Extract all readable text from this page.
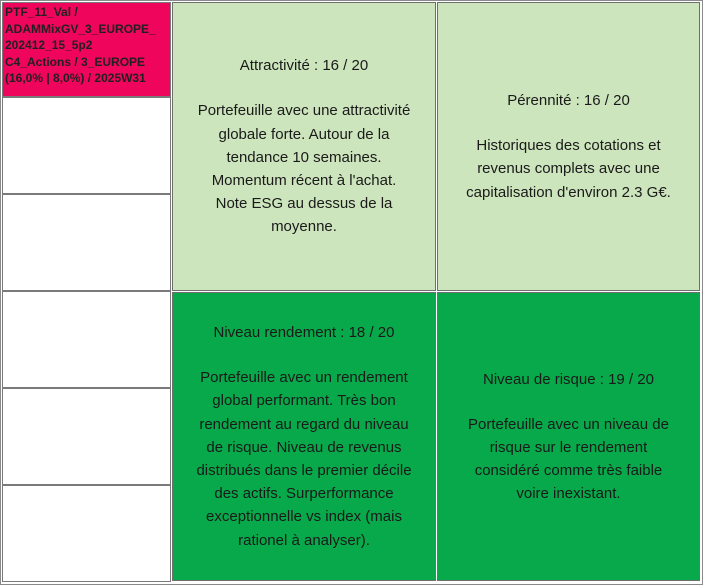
PTF_11_Val /
ADAMMixGV_3_EUROPE_
202412_15_5p2
C4_Actions / 3_EUROPE
(16,0% | 8,0%) / 2025W31
Attractivité : 16 / 20
Portefeuille avec une attractivité
globale forte. Autour de la
tendance 10 semaines.
Momentum récent à l'achat.
Note ESG au dessus de la
moyenne.
Pérennité : 16 / 20
Historiques des cotations et
revenus complets avec une
capitalisation d'environ 2.3 G€.
Niveau rendement : 18 / 20
Portefeuille avec un rendement
global performant. Très bon
rendement au regard du niveau
de risque. Niveau de revenus
distribués dans le premier décile
des actifs. Surperformance
exceptionnelle vs index (mais
rationel à analyser).
Niveau de risque : 19 / 20
Portefeuille avec un niveau de
risque sur le rendement
considéré comme très faible
voire inexistant.
